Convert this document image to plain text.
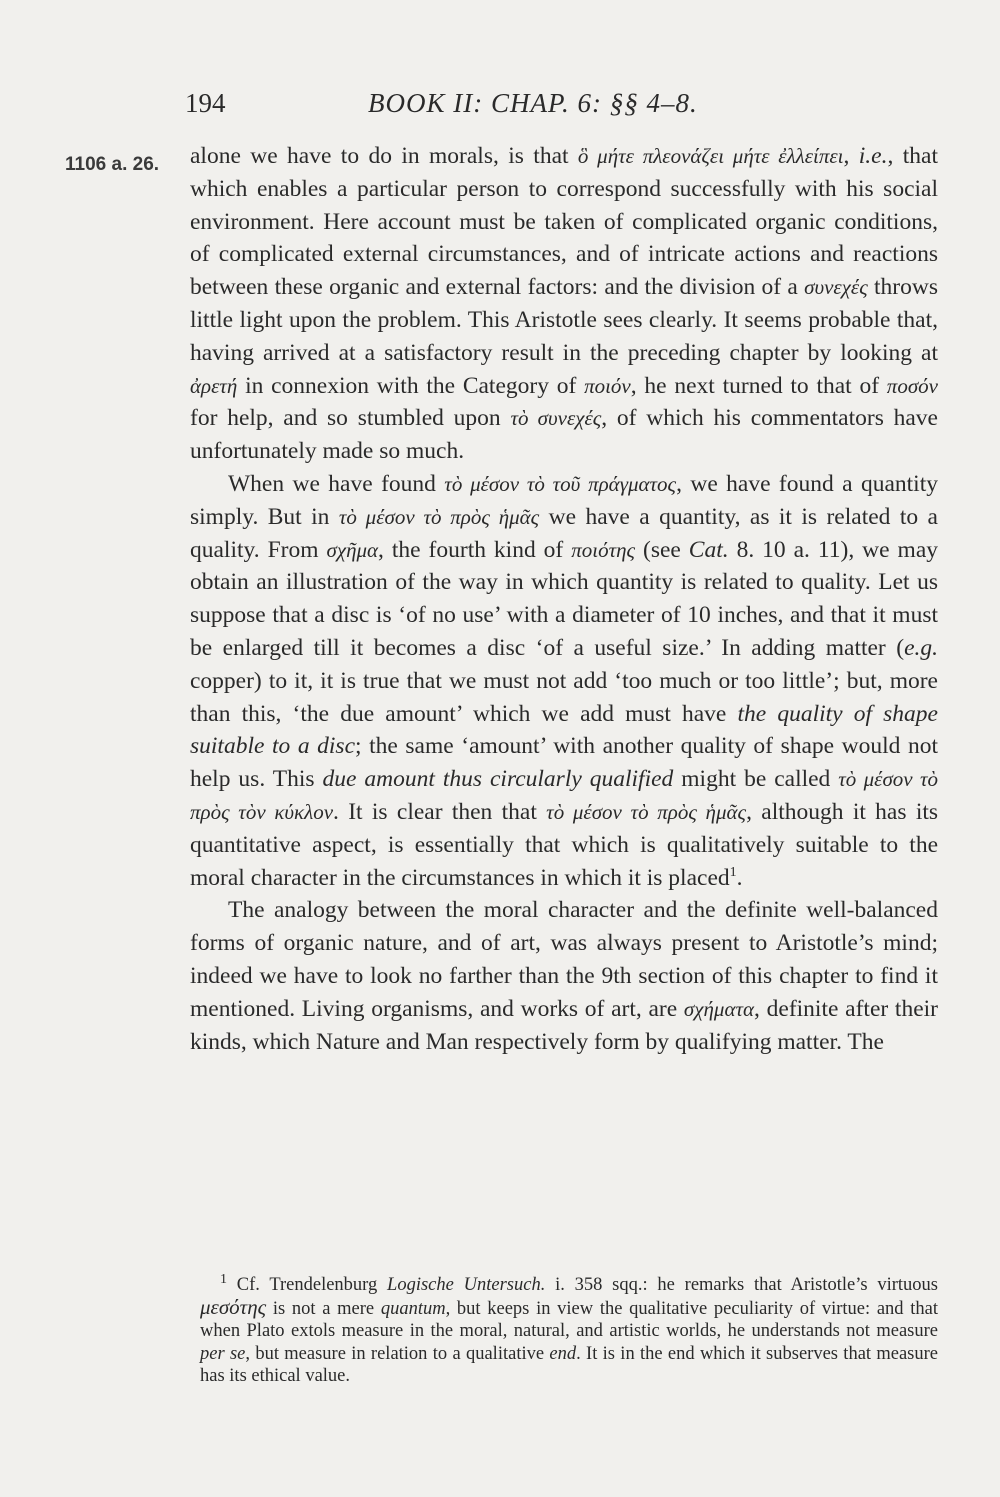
194	BOOK II: CHAP. 6: §§ 4–8.
1106 a. 26. alone we have to do in morals, is that ὃ μήτε πλεονάζει μήτε ἐλλείπει, i.e., that which enables a particular person to correspond successfully with his social environment. Here account must be taken of complicated organic conditions, of complicated external circumstances, and of intricate actions and reactions between these organic and external factors: and the division of a συνεχές throws little light upon the problem. This Aristotle sees clearly. It seems probable that, having arrived at a satisfactory result in the preceding chapter by looking at ἀρετή in connexion with the Category of ποιόν, he next turned to that of ποσόν for help, and so stumbled upon τὸ συνεχές, of which his commentators have unfortunately made so much.

When we have found τὸ μέσον τὸ τοῦ πράγματος, we have found a quantity simply. But in τὸ μέσον τὸ πρὸς ἡμᾶς we have a quantity, as it is related to a quality. From σχῆμα, the fourth kind of ποιότης (see Cat. 8. 10 a. 11), we may obtain an illustration of the way in which quantity is related to quality. Let us suppose that a disc is ‘of no use’ with a diameter of 10 inches, and that it must be enlarged till it becomes a disc ‘of a useful size.’ In adding matter (e.g. copper) to it, it is true that we must not add ‘too much or too little’; but, more than this, ‘the due amount’ which we add must have the quality of shape suitable to a disc; the same ‘amount’ with another quality of shape would not help us. This due amount thus circularly qualified might be called τὸ μέσον τὸ πρὸς τὸν κύκλον. It is clear then that τὸ μέσον τὸ πρὸς ἡμᾶς, although it has its quantitative aspect, is essentially that which is qualitatively suitable to the moral character in the circumstances in which it is placed$^1$.

The analogy between the moral character and the definite well-balanced forms of organic nature, and of art, was always present to Aristotle’s mind; indeed we have to look no farther than the 9th section of this chapter to find it mentioned. Living organisms, and works of art, are σχήματα, definite after their kinds, which Nature and Man respectively form by qualifying matter. The

$^1$ Cf. Trendelenburg Logische Untersuch. i. 358 sqq.: he remarks that Aristotle’s virtuous μεσότης is not a mere quantum, but keeps in view the qualitative peculiarity of virtue: and that when Plato extols measure in the moral, natural, and artistic worlds, he understands not measure per se, but measure in relation to a qualitative end. It is in the end which it subserves that measure has its ethical value.
